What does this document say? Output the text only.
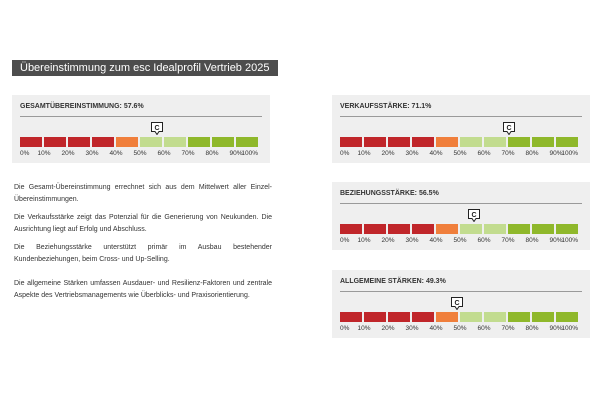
Übereinstimmung zum esc Idealprofil Vertrieb 2025
GESAMTÜBEREINSTIMMUNG: 57.6%
C
0% 10% 20% 30% 40% 50% 60% 70% 80% 90%
100%
VERKAUFSSTÄRKE: 71.1%
C
0% 10% 20% 30% 40% 50% 60% 70% 80% 90%
100%
BEZIEHUNGSSTÄRKE: 56.5%
C
0% 10% 20% 30% 40% 50% 60% 70% 80% 90%
100%
ALLGEMEINE STÄRKEN: 49.3%
C
0% 10% 20% 30% 40% 50% 60% 70% 80% 90%
100%

Die Gesamt-Übereinstimmung errechnet sich aus dem Mittelwert aller Einzel-Übereinstimmungen.

Die Verkaufsstärke zeigt das Potenzial für die Generierung von Neukunden. Die Ausrichtung liegt auf Erfolg und Abschluss.

Die Beziehungsstärke unterstützt primär im Ausbau bestehender Kundenbeziehungen, beim Cross- und Up-Selling.

Die allgemeine Stärken umfassen Ausdauer- und Resilienz-Faktoren und zentrale Aspekte des Vertriebsmanagements wie Überblicks- und Praxisorientierung.
